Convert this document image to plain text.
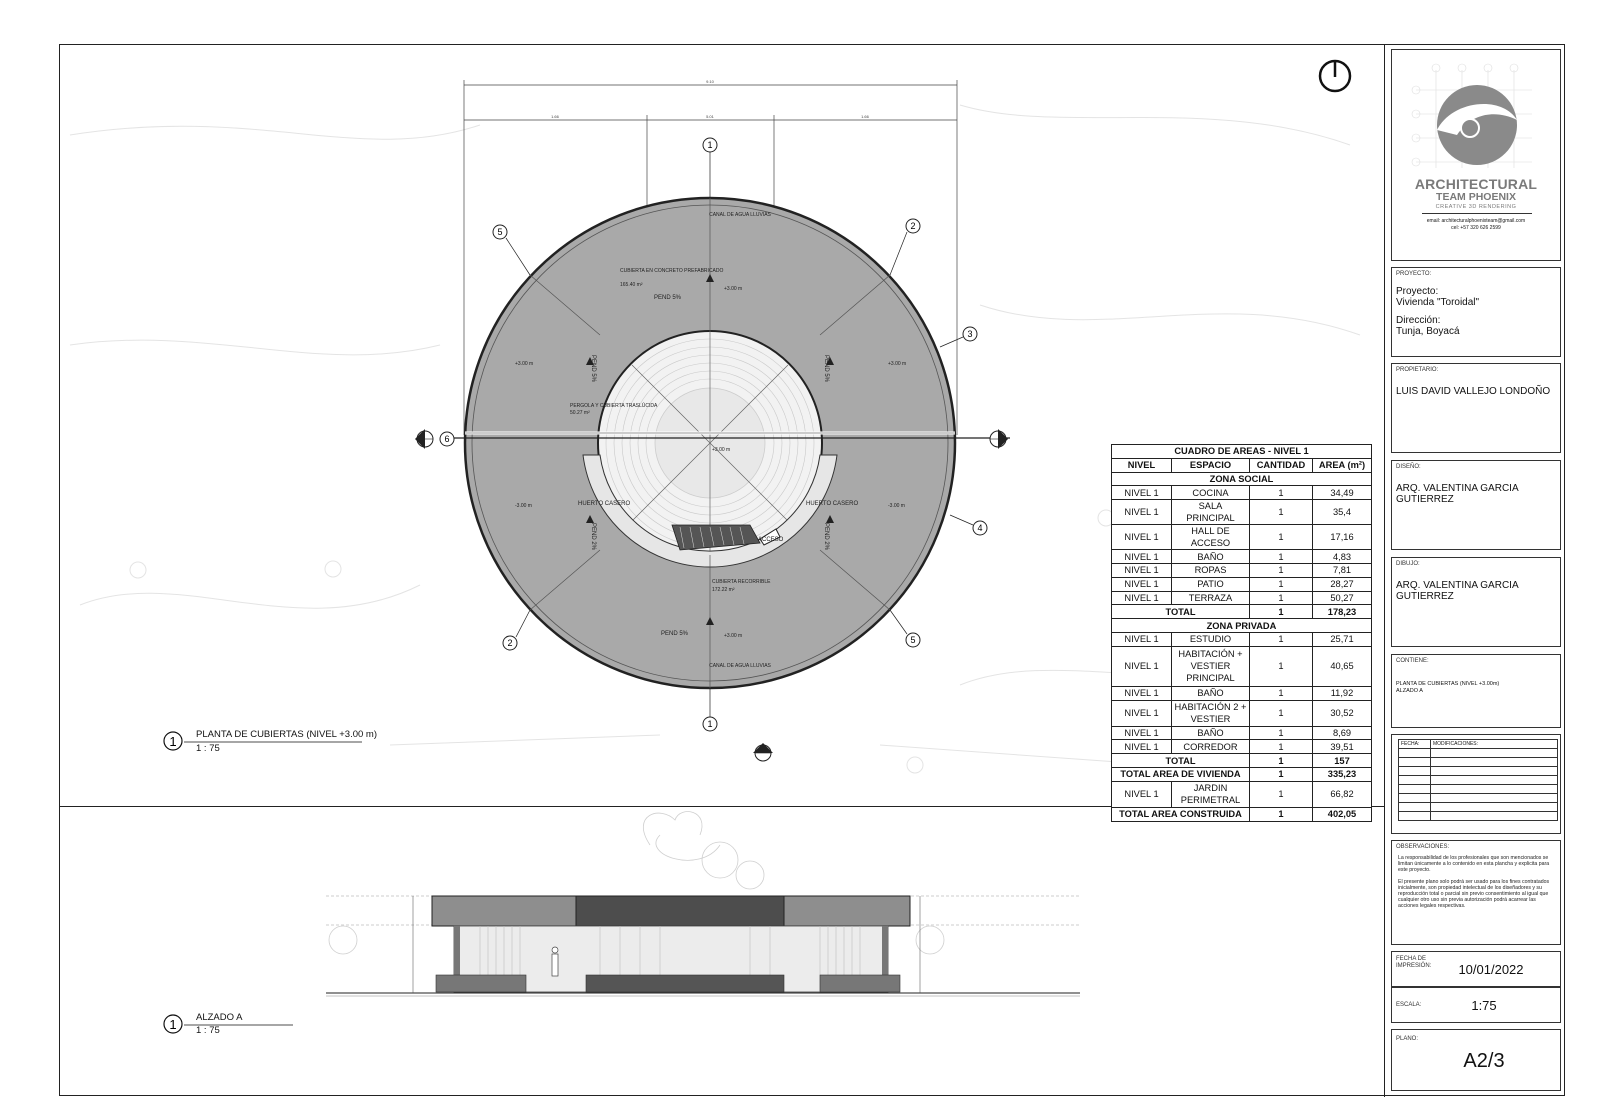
9.10
1.66	5.01	1.66
1
2
3
4
5
1
2
5
6
CANAL DE AGUA LLUVIAS
CUBIERTA EN CONCRETO PREFABRICADO
165.40 m²
PEND 5%
+3.00 m
+3.00 m	+3.00 m
PERGOLA Y CUBIERTA TRASLÚCIDA
50.27 m²
HUERTO CASERO	HUERTO CASERO
-3.00 m	-3.00 m
ACCESO
CUBIERTA RECORRIBLE
172.22 m²
PEND 5%	+3.00 m
CANAL DE AGUA LLUVIAS
PEND 5%	PEND 5%
PEND 2%	PEND 2%
+3.00 m
1
1
PLANTA DE CUBIERTAS (NIVEL +3.00 m)
1 : 75
ALZADO A
1 : 75
ARCHITECTURAL
TEAM PHOENIX
CREATIVE 3D RENDERING
email: architecturalphoenixteam@gmail.com
cel: +57 320 626 2599
PROYECTO:
Proyecto:
Vivienda "Toroidal"
Dirección:
Tunja, Boyacá
PROPIETARIO:
LUIS DAVID VALLEJO LONDOÑO
DISEÑO:
ARQ. VALENTINA GARCIA
GUTIERREZ
DIBUJO:
ARQ. VALENTINA GARCIA
GUTIERREZ
CONTIENE:
PLANTA DE CUBIERTAS (NIVEL +3.00m)
ALZADO A
FECHA:	MODIFICACIONES:

OBSERVACIONES:

La responsabilidad de los profesionales que son mencionados se limitan únicamente a lo contenido en esta plancha y explicita para este proyecto.

El presente plano solo podrá ser usado para los fines contratados inicialmente, son propiedad intelectual de los diseñadores y su reproducción total o parcial sin previo consentimiento al igual que cualquier otro uso sin previa autorización podrá acarrear las acciones legales respectivas.

FECHA DE IMPRESIÓN:	10/01/2022
ESCALA:	1:75
PLANO:
A2/3
CUADRO DE AREAS - NIVEL 1			
NIVEL	ESPACIO	CANTIDAD	AREA (m²)
ZONA SOCIAL			
NIVEL 1	COCINA	1	34,49
NIVEL 1	SALA PRINCIPAL	1	35,4
NIVEL 1	HALL DE ACCESO	1	17,16
NIVEL 1	BAÑO	1	4,83
NIVEL 1	ROPAS	1	7,81
NIVEL 1	PATIO	1	28,27
NIVEL 1	TERRAZA	1	50,27
TOTAL		1	178,23
ZONA PRIVADA			
NIVEL 1	ESTUDIO	1	25,71
NIVEL 1	HABITACIÓN + VESTIER PRINCIPAL	1	40,65
NIVEL 1	BAÑO	1	11,92
NIVEL 1	HABITACIÓN 2 + VESTIER	1	30,52
NIVEL 1	BAÑO	1	8,69
NIVEL 1	CORREDOR	1	39,51
TOTAL		1	157
TOTAL AREA DE VIVIENDA		1	335,23
NIVEL 1	JARDIN PERIMETRAL	1	66,82
TOTAL AREA CONSTRUIDA		1	402,05
